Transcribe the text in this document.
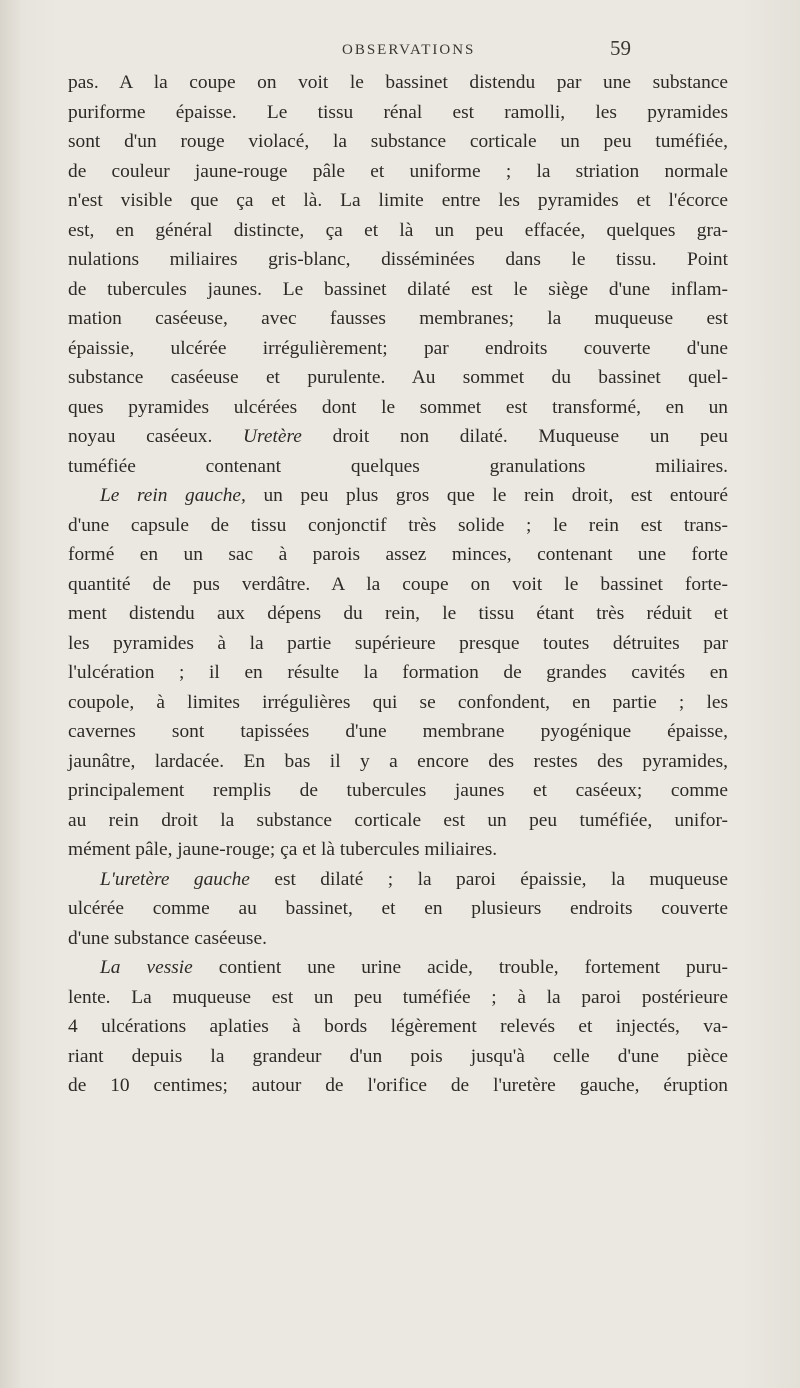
OBSERVATIONS	59
pas. A la coupe on voit le bassinet distendu par une substance
puriforme épaisse. Le tissu rénal est ramolli, les pyramides
sont d'un rouge violacé, la substance corticale un peu tuméfiée,
de couleur jaune-rouge pâle et uniforme ; la striation normale
n'est visible que ça et là. La limite entre les pyramides et l'écorce
est, en général distincte, ça et là un peu effacée, quelques gra-
nulations miliaires gris-blanc, disséminées dans le tissu. Point
de tubercules jaunes. Le bassinet dilaté est le siège d'une inflam-
mation caséeuse, avec fausses membranes; la muqueuse est
épaissie, ulcérée irrégulièrement; par endroits couverte d'une
substance caséeuse et purulente. Au sommet du bassinet quel-
ques pyramides ulcérées dont le sommet est transformé, en un
noyau caséeux. Uretère droit non dilaté. Muqueuse un peu
tuméfiée contenant quelques granulations miliaires.
Le rein gauche, un peu plus gros que le rein droit, est entouré
d'une capsule de tissu conjonctif très solide ; le rein est trans-
formé en un sac à parois assez minces, contenant une forte
quantité de pus verdâtre. A la coupe on voit le bassinet forte-
ment distendu aux dépens du rein, le tissu étant très réduit et
les pyramides à la partie supérieure presque toutes détruites par
l'ulcération ; il en résulte la formation de grandes cavités en
coupole, à limites irrégulières qui se confondent, en partie ; les
cavernes sont tapissées d'une membrane pyogénique épaisse,
jaunâtre, lardacée. En bas il y a encore des restes des pyramides,
principalement remplis de tubercules jaunes et caséeux; comme
au rein droit la substance corticale est un peu tuméfiée, unifor-
mément pâle, jaune-rouge; ça et là tubercules miliaires.
L'uretère gauche est dilaté ; la paroi épaissie, la muqueuse
ulcérée comme au bassinet, et en plusieurs endroits couverte
d'une substance caséeuse.
La vessie contient une urine acide, trouble, fortement puru-
lente. La muqueuse est un peu tuméfiée ; à la paroi postérieure
4 ulcérations aplaties à bords légèrement relevés et injectés, va-
riant depuis la grandeur d'un pois jusqu'à celle d'une pièce
de 10 centimes; autour de l'orifice de l'uretère gauche, éruption
